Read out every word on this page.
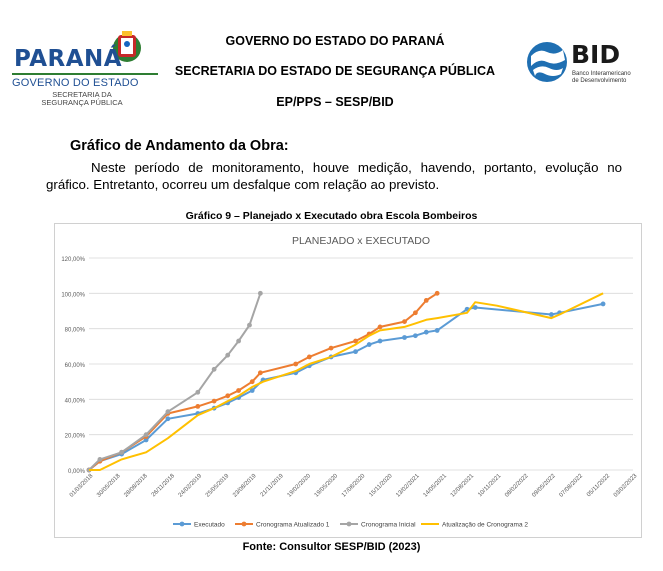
PARANÁ
GOVERNO DO ESTADO
SECRETARIA DA
SEGURANÇA PÚBLICA
GOVERNO DO ESTADO DO PARANÁ
SECRETARIA DO ESTADO DE SEGURANÇA PÚBLICA
EP/PPS – SESP/BID
BID
Banco Interamericano
de Desenvolvimento
Gráfico de Andamento da Obra:
Neste período de monitoramento, houve medição, havendo, portanto, evolução no gráfico. Entretanto, ocorreu um desfalque com relação ao previsto.
Gráfico 9 – Planejado x Executado obra Escola Bombeiros
PLANEJADO x EXECUTADO
0,00%
20,00%
40,00%
60,00%
80,00%
100,00%
120,00%
01/03/2018 30/05/2018 28/08/2018 26/11/2018 24/02/2019 25/05/2019 23/08/2019 21/11/2019 19/02/2020 19/05/2020 17/08/2020 15/11/2020 13/02/2021 14/05/2021 12/08/2021 10/11/2021 08/02/2022 09/05/2022 07/08/2022 05/11/2022 03/02/2023
Executado	Cronograma Atualizado 1	Cronograma Inicial	Atualização de Cronograma 2
Fonte: Consultor SESP/BID (2023)
